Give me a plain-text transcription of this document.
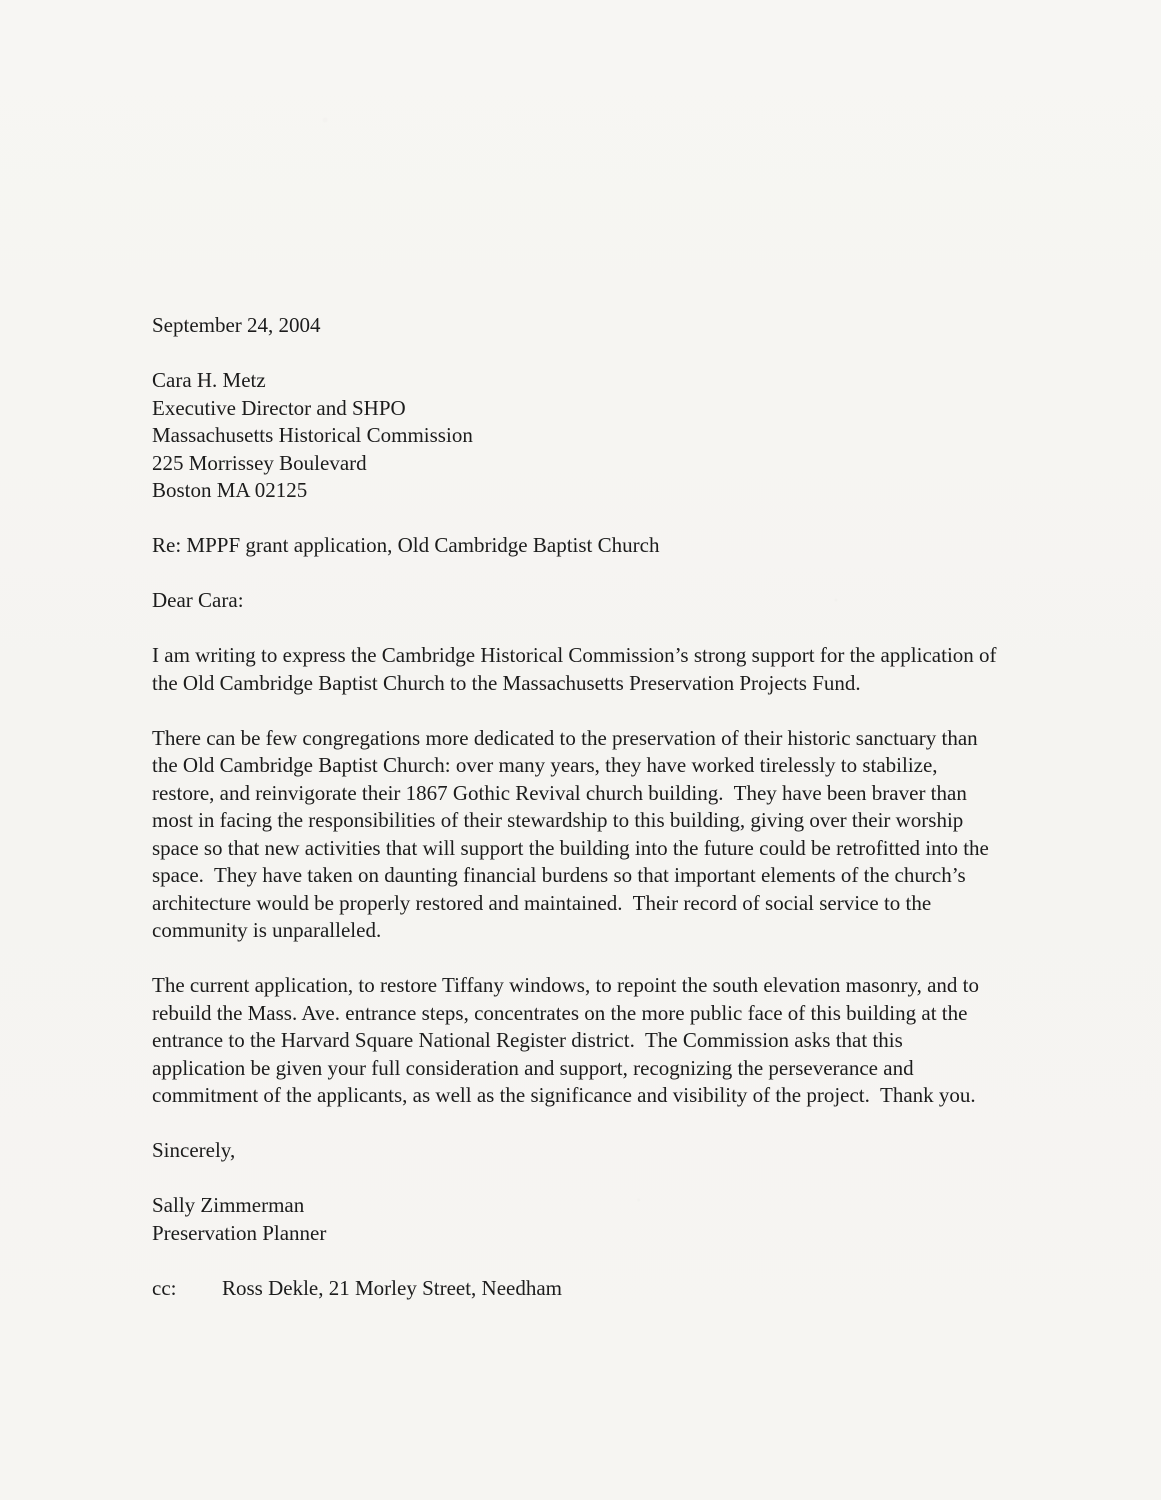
September 24, 2004
Cara H. Metz
Executive Director and SHPO
Massachusetts Historical Commission
225 Morrissey Boulevard
Boston MA 02125
Re: MPPF grant application, Old Cambridge Baptist Church
Dear Cara:

I am writing to express the Cambridge Historical Commission’s strong support for the application of the Old Cambridge Baptist Church to the Massachusetts Preservation Projects Fund.

There can be few congregations more dedicated to the preservation of their historic sanctuary than the Old Cambridge Baptist Church: over many years, they have worked tirelessly to stabilize, restore, and reinvigorate their 1867 Gothic Revival church building.  They have been braver than most in facing the responsibilities of their stewardship to this building, giving over their worship space so that new activities that will support the building into the future could be retrofitted into the space.  They have taken on daunting financial burdens so that important elements of the church’s architecture would be properly restored and maintained.  Their record of social service to the community is unparalleled.

The current application, to restore Tiffany windows, to repoint the south elevation masonry, and to rebuild the Mass. Ave. entrance steps, concentrates on the more public face of this building at the entrance to the Harvard Square National Register district.  The Commission asks that this application be given your full consideration and support, recognizing the perseverance and commitment of the applicants, as well as the significance and visibility of the project.  Thank you.

Sincerely,
Sally Zimmerman
Preservation Planner
cc:	Ross Dekle, 21 Morley Street, Needham
